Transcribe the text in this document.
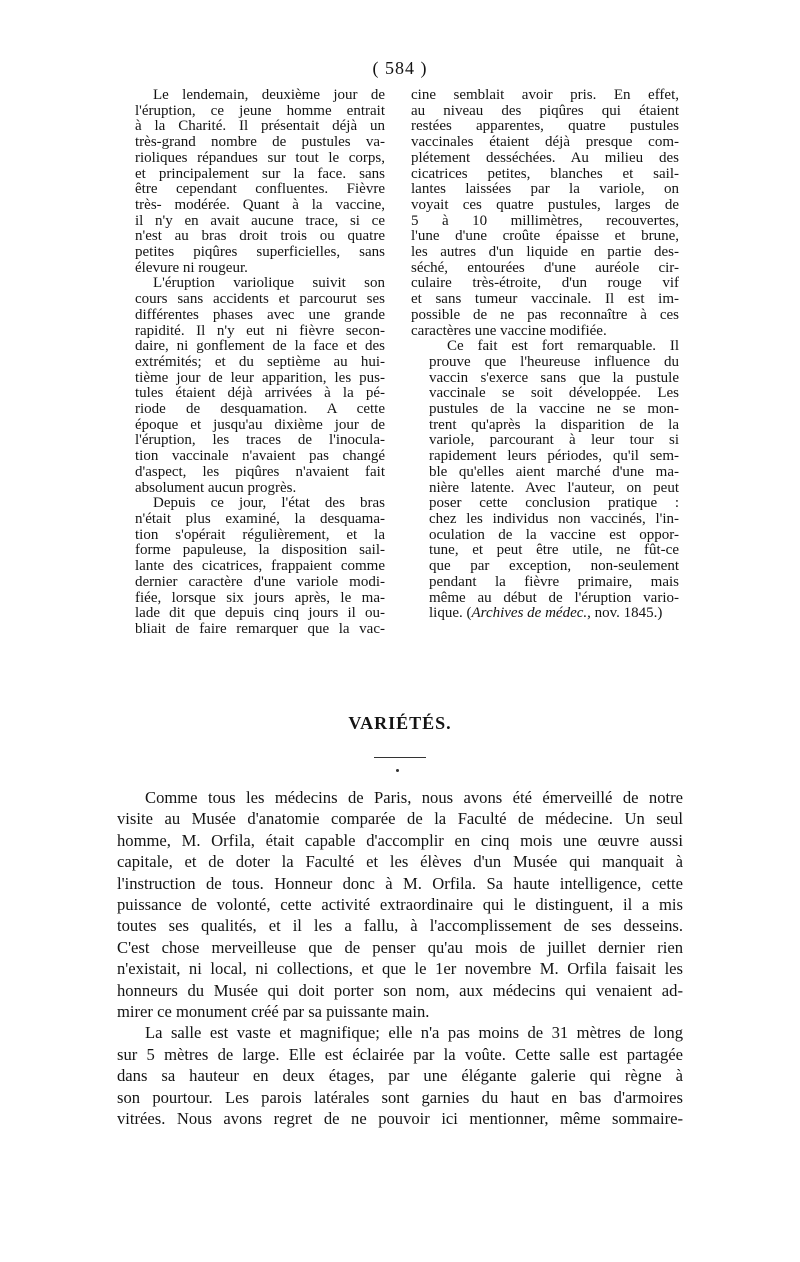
( 584 )

Le lendemain, deuxième jour de
l'éruption, ce jeune homme entrait
à la Charité. Il présentait déjà un
très-grand nombre de pustules va-
rioliques répandues sur tout le corps,
et principalement sur la face. sans
être cependant confluentes. Fièvre
très- modérée. Quant à la vaccine,
il n'y en avait aucune trace, si ce
n'est au bras droit trois ou quatre
petites piqûres superficielles, sans
élevure ni rougeur.

L'éruption variolique suivit son
cours sans accidents et parcourut ses
différentes phases avec une grande
rapidité. Il n'y eut ni fièvre secon-
daire, ni gonflement de la face et des
extrémités; et du septième au hui-
tième jour de leur apparition, les pus-
tules étaient déjà arrivées à la pé-
riode de desquamation. A cette
époque et jusqu'au dixième jour de
l'éruption, les traces de l'inocula-
tion vaccinale n'avaient pas changé
d'aspect, les piqûres n'avaient fait
absolument aucun progrès.

Depuis ce jour, l'état des bras
n'était plus examiné, la desquama-
tion s'opérait régulièrement, et la
forme papuleuse, la disposition sail-
lante des cicatrices, frappaient comme
dernier caractère d'une variole modi-
fiée, lorsque six jours après, le ma-
lade dit que depuis cinq jours il ou-
bliait de faire remarquer que la vac-

cine semblait avoir pris. En effet,
au niveau des piqûres qui étaient
restées apparentes, quatre pustules
vaccinales étaient déjà presque com-
plétement desséchées. Au milieu des
cicatrices petites, blanches et sail-
lantes laissées par la variole, on
voyait ces quatre pustules, larges de
5 à 10 millimètres, recouvertes,
l'une d'une croûte épaisse et brune,
les autres d'un liquide en partie des-
séché, entourées d'une auréole cir-
culaire très-étroite, d'un rouge vif
et sans tumeur vaccinale. Il est im-
possible de ne pas reconnaître à ces
caractères une vaccine modifiée.

Ce fait est fort remarquable. Il
prouve que l'heureuse influence du
vaccin s'exerce sans que la pustule
vaccinale se soit développée. Les
pustules de la vaccine ne se mon-
trent qu'après la disparition de la
variole, parcourant à leur tour si
rapidement leurs périodes, qu'il sem-
ble qu'elles aient marché d'une ma-
nière latente. Avec l'auteur, on peut
poser cette conclusion pratique :
chez les individus non vaccinés, l'in-
oculation de la vaccine est oppor-
tune, et peut être utile, ne fût-ce
que par exception, non-seulement
pendant la fièvre primaire, mais
même au début de l'éruption vario-
lique. (Archives de médec., nov. 1845.)

VARIÉTÉS.

Comme tous les médecins de Paris, nous avons été émerveillé de notre
visite au Musée d'anatomie comparée de la Faculté de médecine. Un seul
homme, M. Orfila, était capable d'accomplir en cinq mois une œuvre aussi
capitale, et de doter la Faculté et les élèves d'un Musée qui manquait à
l'instruction de tous. Honneur donc à M. Orfila. Sa haute intelligence, cette
puissance de volonté, cette activité extraordinaire qui le distinguent, il a mis
toutes ses qualités, et il les a fallu, à l'accomplissement de ses desseins.
C'est chose merveilleuse que de penser qu'au mois de juillet dernier rien
n'existait, ni local, ni collections, et que le 1er novembre M. Orfila faisait les
honneurs du Musée qui doit porter son nom, aux médecins qui venaient ad-
mirer ce monument créé par sa puissante main.

La salle est vaste et magnifique; elle n'a pas moins de 31 mètres de long
sur 5 mètres de large. Elle est éclairée par la voûte. Cette salle est partagée
dans sa hauteur en deux étages, par une élégante galerie qui règne à
son pourtour. Les parois latérales sont garnies du haut en bas d'armoires
vitrées. Nous avons regret de ne pouvoir ici mentionner, même sommaire-
